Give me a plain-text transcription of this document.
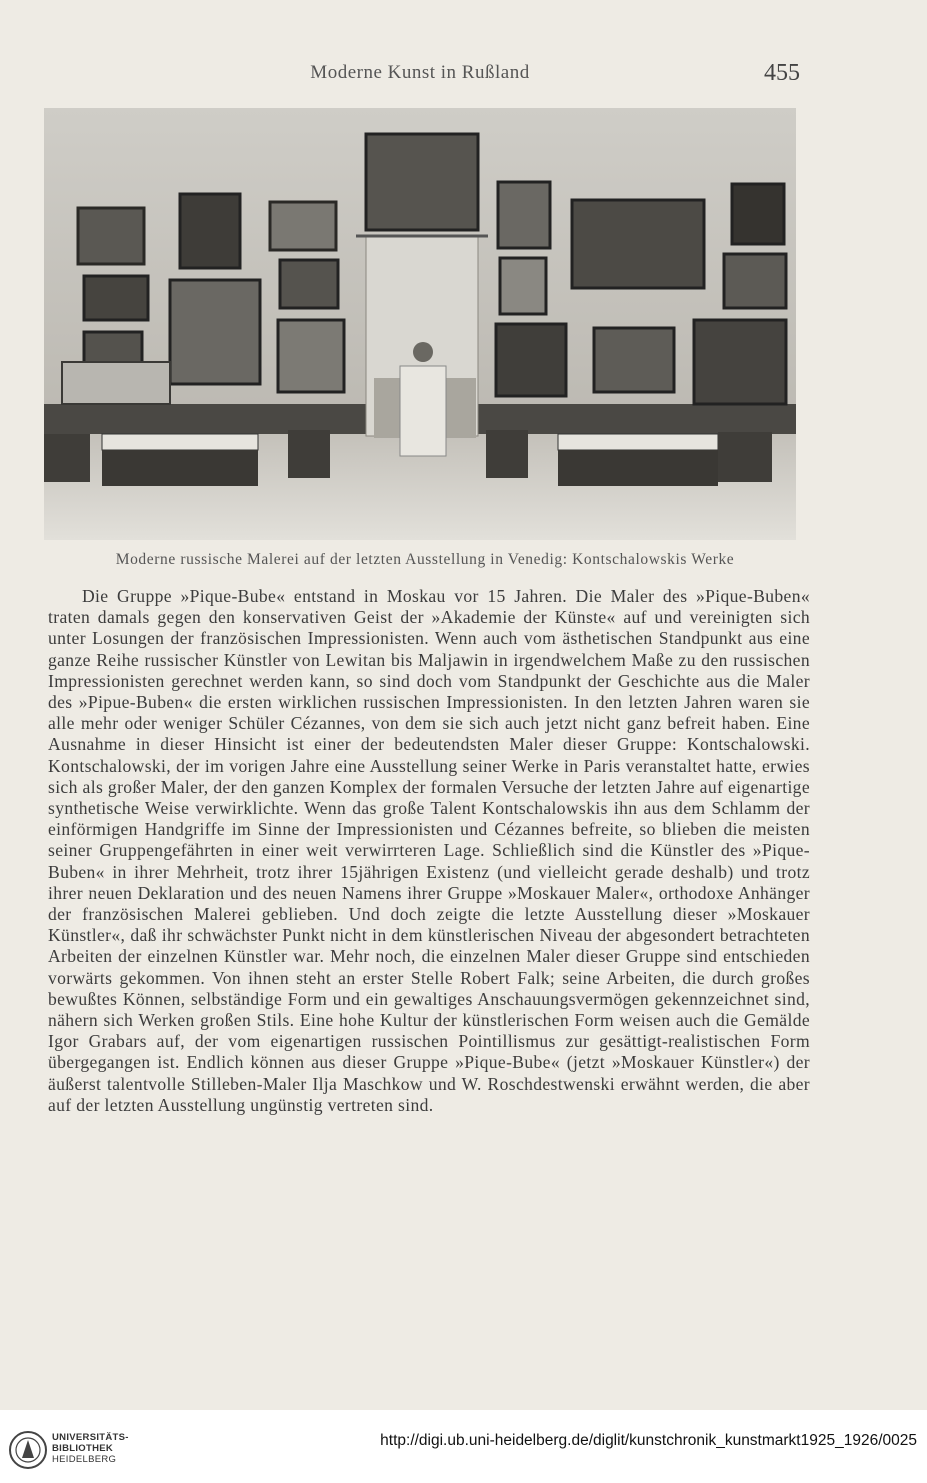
Moderne Kunst in Rußland	455
Moderne russische Malerei auf der letzten Ausstellung in Venedig: Kontschalowskis Werke

Die Gruppe »Pique-Bube« entstand in Moskau vor 15 Jahren. Die Maler des »Pique-Buben« traten damals gegen den konservativen Geist der »Akademie der Künste« auf und vereinigten sich unter Losungen der französischen Impressionisten. Wenn auch vom ästhetischen Standpunkt aus eine ganze Reihe russischer Künstler von Lewitan bis Maljawin in irgendwelchem Maße zu den russischen Impressionisten gerechnet werden kann, so sind doch vom Standpunkt der Geschichte aus die Maler des »Pipue-Buben« die ersten wirklichen russischen Impressionisten. In den letzten Jahren waren sie alle mehr oder weniger Schüler Cézannes, von dem sie sich auch jetzt nicht ganz befreit haben. Eine Ausnahme in dieser Hinsicht ist einer der bedeutendsten Maler dieser Gruppe: Kontschalowski. Kontschalowski, der im vorigen Jahre eine Ausstellung seiner Werke in Paris veranstaltet hatte, erwies sich als großer Maler, der den ganzen Komplex der formalen Versuche der letzten Jahre auf eigenartige synthetische Weise verwirklichte. Wenn das große Talent Kontschalowskis ihn aus dem Schlamm der einförmigen Handgriffe im Sinne der Impressionisten und Cézannes befreite, so blieben die meisten seiner Gruppengefährten in einer weit verwirrteren Lage. Schließlich sind die Künstler des »Pique-Buben« in ihrer Mehrheit, trotz ihrer 15jährigen Existenz (und vielleicht gerade deshalb) und trotz ihrer neuen Deklaration und des neuen Namens ihrer Gruppe »Moskauer Maler«, orthodoxe Anhänger der französischen Malerei geblieben. Und doch zeigte die letzte Ausstellung dieser »Moskauer Künstler«, daß ihr schwächster Punkt nicht in dem künstlerischen Niveau der abgesondert betrachteten Arbeiten der einzelnen Künstler war. Mehr noch, die einzelnen Maler dieser Gruppe sind entschieden vorwärts gekommen. Von ihnen steht an erster Stelle Robert Falk; seine Arbeiten, die durch großes bewußtes Können, selbständige Form und ein gewaltiges Anschauungsvermögen gekennzeichnet sind, nähern sich Werken großen Stils. Eine hohe Kultur der künstlerischen Form weisen auch die Gemälde Igor Grabars auf, der vom eigenartigen russischen Pointillismus zur gesättigt-realistischen Form übergegangen ist. Endlich können aus dieser Gruppe »Pique-Bube« (jetzt »Moskauer Künstler«) der äußerst talentvolle Stilleben-Maler Ilja Maschkow und W. Roschdestwenski erwähnt werden, die aber auf der letzten Ausstellung ungünstig vertreten sind.

UNIVERSITÄTS-
BIBLIOTHEK
HEIDELBERG
http://digi.ub.uni-heidelberg.de/diglit/kunstchronik_kunstmarkt1925_1926/0025
